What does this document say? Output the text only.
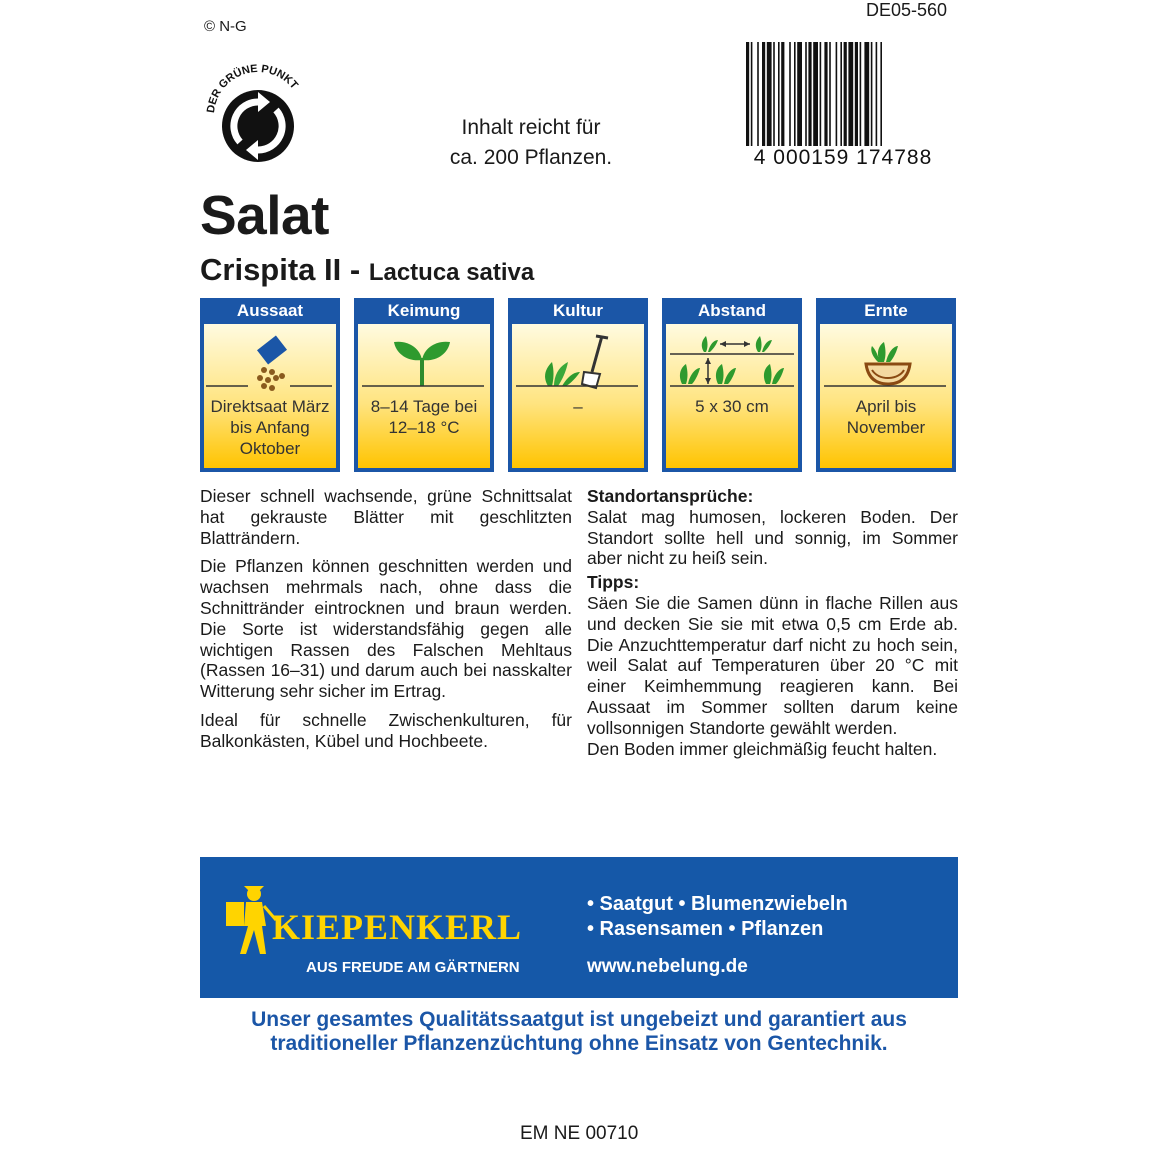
© N-G
DE05-560
DER GRÜNE PUNKT
Inhalt reicht für
ca. 200 Pflanzen.	4 000159 174788
Salat
Crispita II - Lactuca sativa
Aussaat
Direktsaat März
bis Anfang
Oktober
Keimung
8–14 Tage bei
12–18 °C
Kultur
–
Abstand
5 x 30 cm
Ernte
April bis
November

Dieser schnell wachsende, grüne Schnittsalat hat gekrauste Blätter mit geschlitzten Blatträndern.

Die Pflanzen können geschnitten werden und wachsen mehrmals nach, ohne dass die Schnittränder eintrocknen und braun werden. Die Sorte ist widerstandsfähig gegen alle wichtigen Rassen des Falschen Mehltaus (Rassen 16–31) und darum auch bei nasskalter Witterung sehr sicher im Ertrag.

Ideal für schnelle Zwischenkulturen, für Balkonkästen, Kübel und Hochbeete.

Standortansprüche:
Salat mag humosen, lockeren Boden. Der Standort sollte hell und sonnig, im Sommer aber nicht zu heiß sein.
Tipps:
Säen Sie die Samen dünn in flache Rillen aus und decken Sie sie mit etwa 0,5 cm Erde ab. Die Anzuchttemperatur darf nicht zu hoch sein, weil Salat auf Temperaturen über 20 °C mit einer Keimhemmung reagieren kann. Bei Aussaat im Sommer sollten darum keine vollsonnigen Standorte gewählt werden.
Den Boden immer gleichmäßig feucht halten.
KIEPENKERL
AUS FREUDE AM GÄRTNERN
• Saatgut • Blumenzwiebeln
• Rasensamen • Pflanzen
www.nebelung.de
Unser gesamtes Qualitätssaatgut ist ungebeizt und garantiert aus
traditioneller Pflanzenzüchtung ohne Einsatz von Gentechnik.
EM NE 00710
